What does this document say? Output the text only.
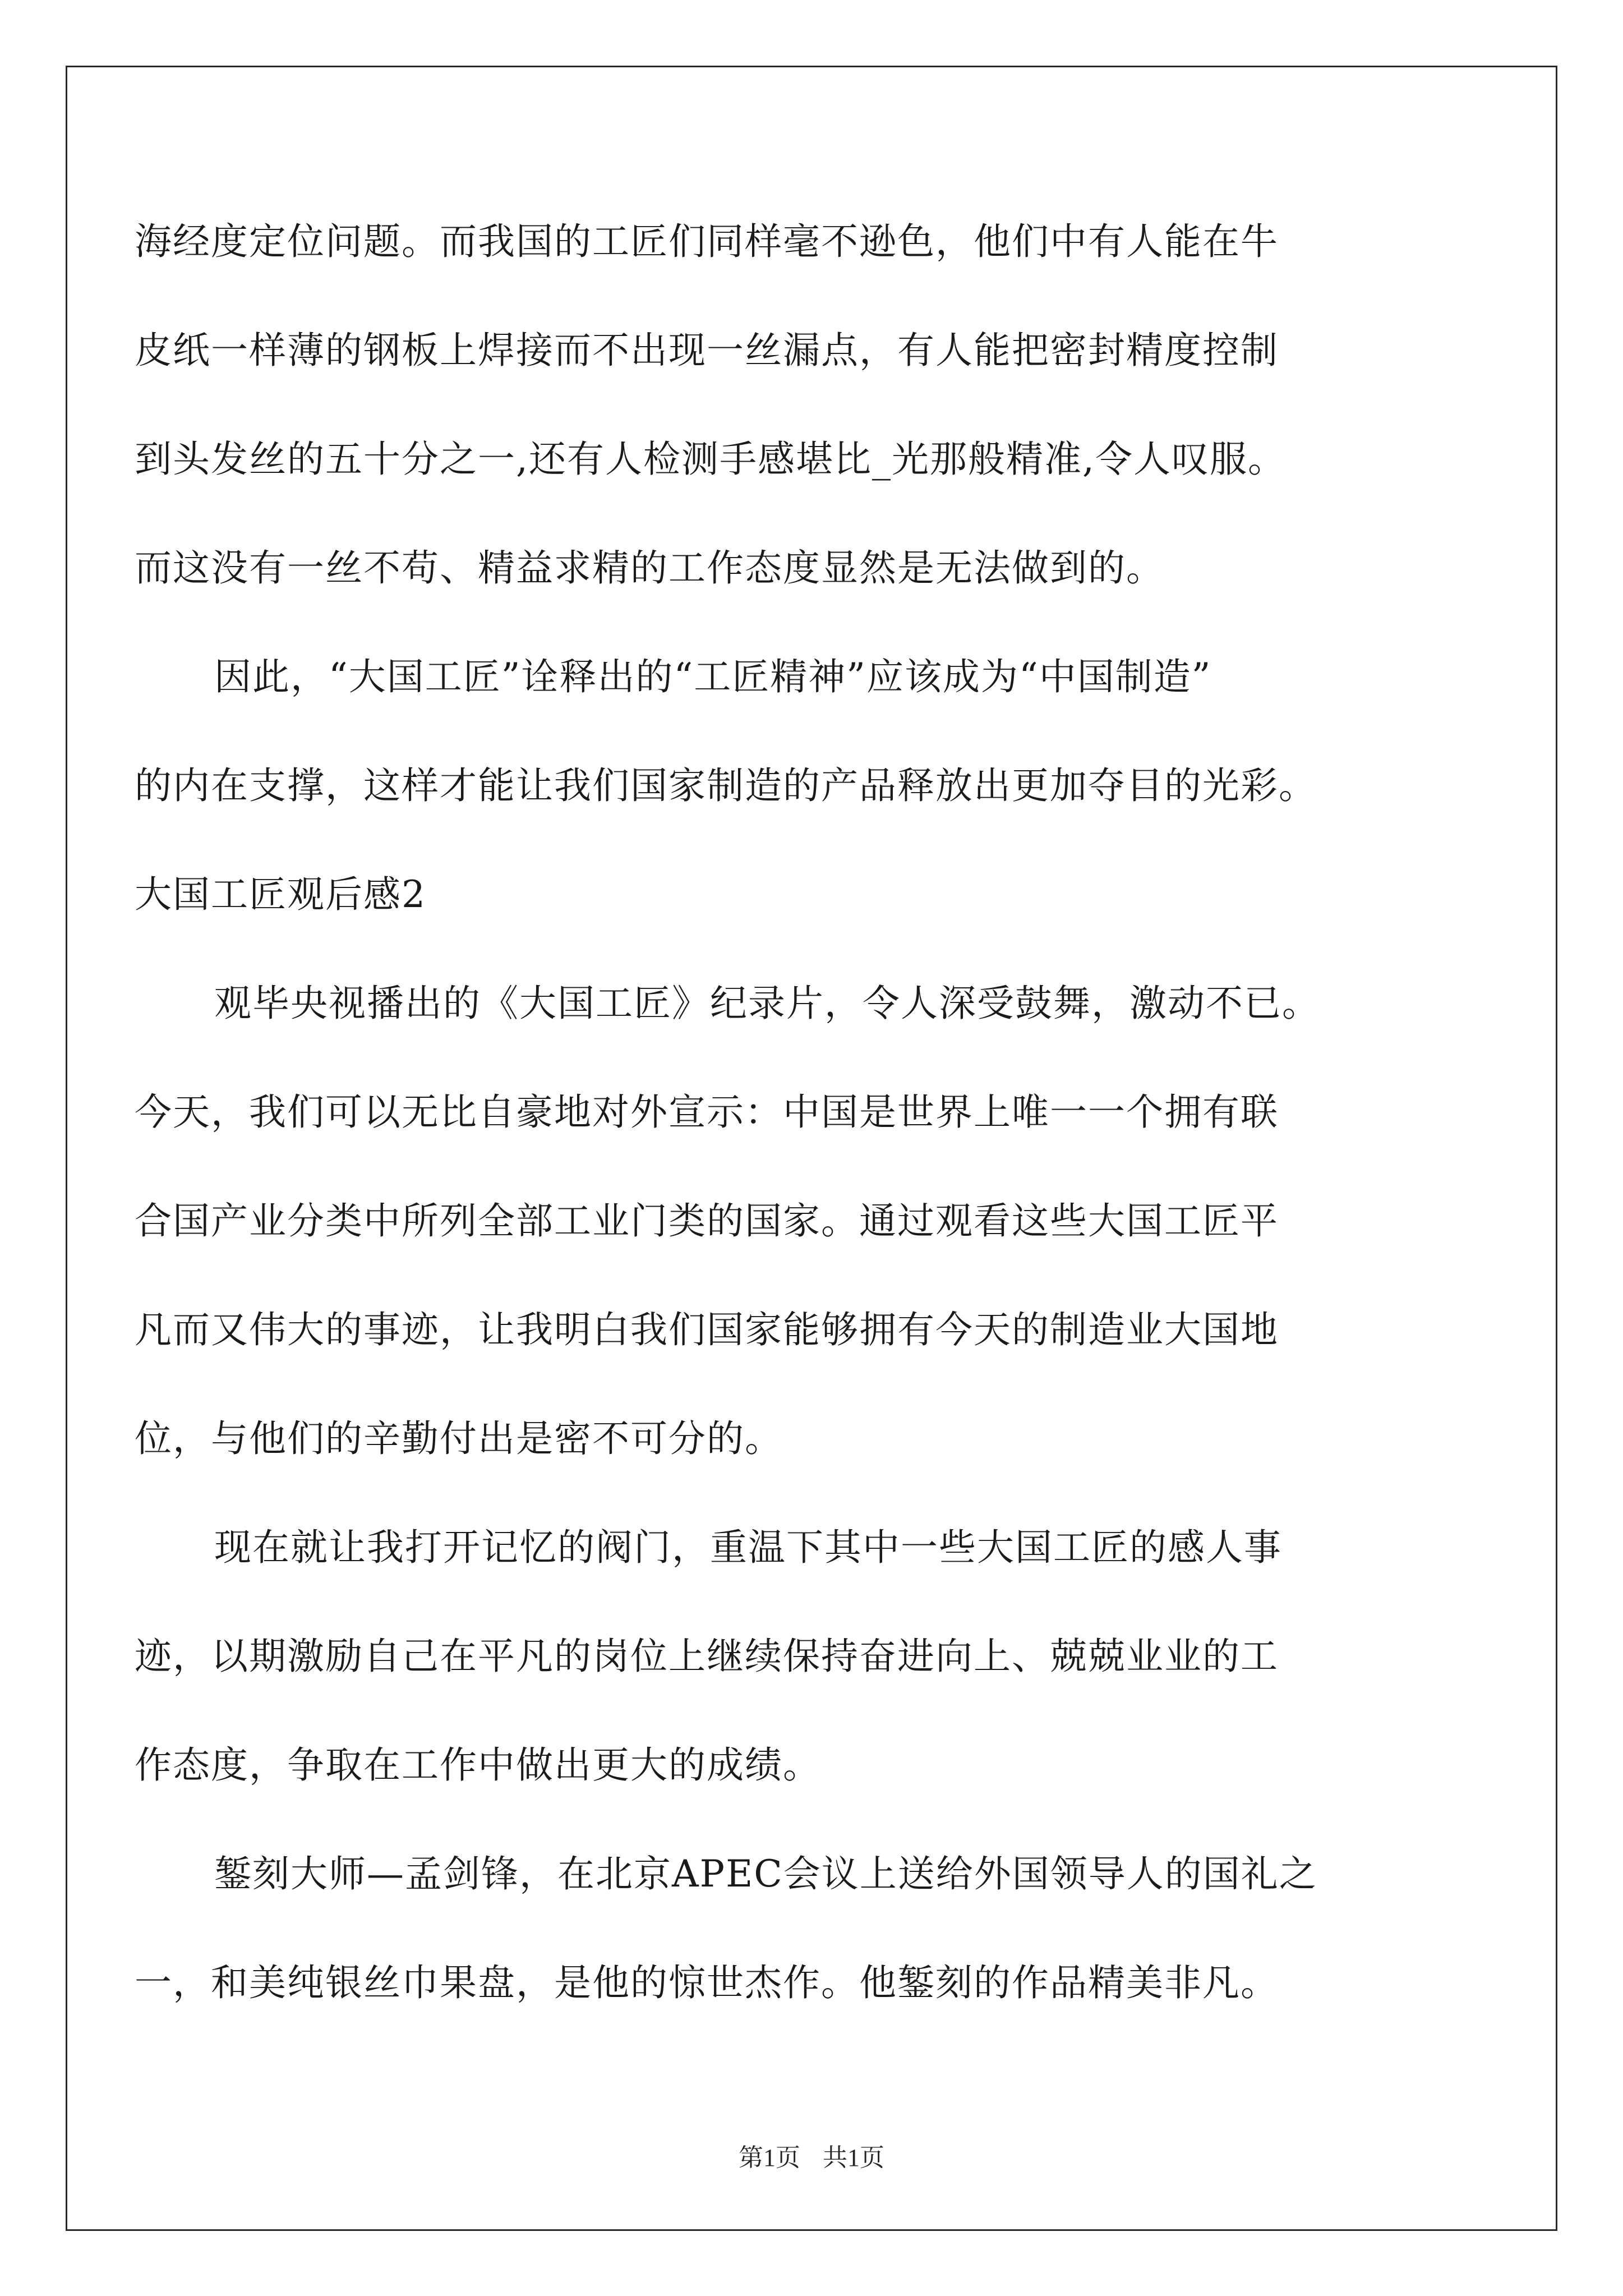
海经度定位问题。而我国的工匠们同样毫不逊色，他们中有人能在牛
皮纸一样薄的钢板上焊接而不出现一丝漏点，有人能把密封精度控制
到头发丝的五十分之一,还有人检测手感堪比_光那般精准,令人叹服。
而这没有一丝不苟、精益求精的工作态度显然是无法做到的。
因此，“大国工匠”诠释出的“工匠精神”应该成为“中国制造”
的内在支撑，这样才能让我们国家制造的产品释放出更加夺目的光彩。
大国工匠观后感2
观毕央视播出的《大国工匠》纪录片，令人深受鼓舞，激动不已。
今天，我们可以无比自豪地对外宣示：中国是世界上唯一一个拥有联
合国产业分类中所列全部工业门类的国家。通过观看这些大国工匠平
凡而又伟大的事迹，让我明白我们国家能够拥有今天的制造业大国地
位，与他们的辛勤付出是密不可分的。
现在就让我打开记忆的阀门，重温下其中一些大国工匠的感人事
迹，以期激励自己在平凡的岗位上继续保持奋进向上、兢兢业业的工
作态度，争取在工作中做出更大的成绩。
錾刻大师—孟剑锋，在北京APEC会议上送给外国领导人的国礼之
一，和美纯银丝巾果盘，是他的惊世杰作。他錾刻的作品精美非凡。
第1页 共1页
